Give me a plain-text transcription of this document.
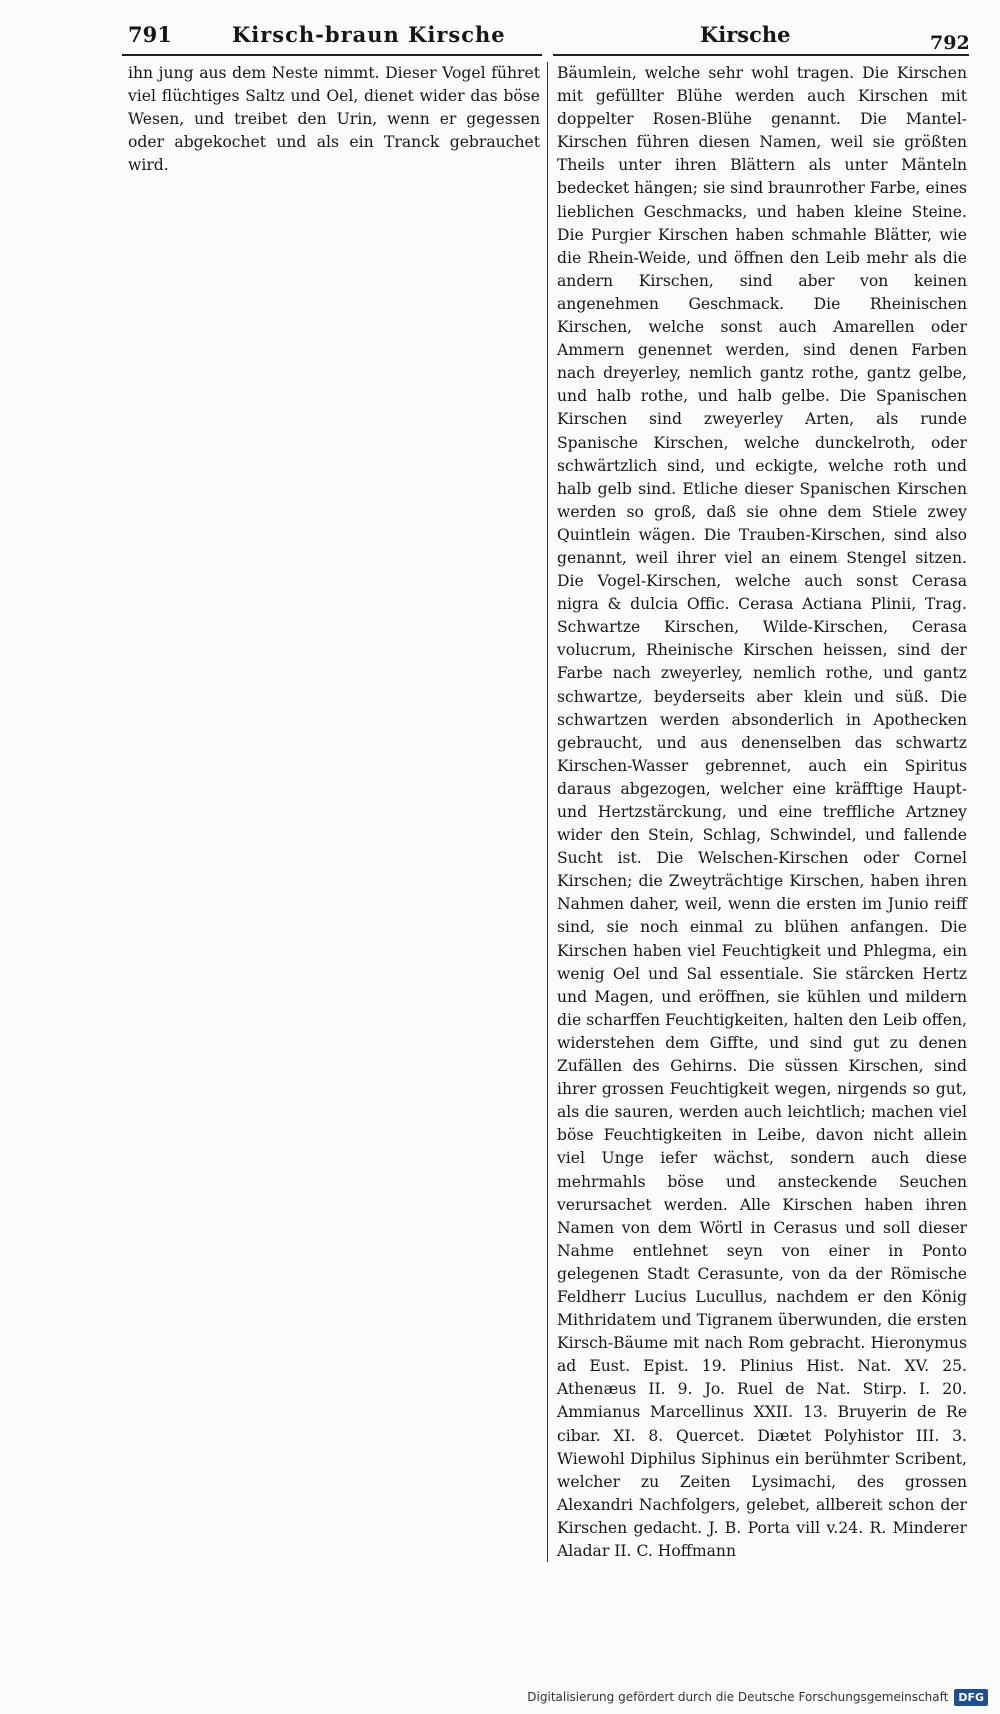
791	Kirsch-braun Kirsche	Kirsche	792

ihn jung aus dem Neste nimmt. Dieser Vogel führet viel flüchtiges Saltz und Oel, dienet wider das böse Wesen, und treibet den Urin, wenn er gegessen oder abgekochet und als ein Tranck gebrauchet wird.

Bäumlein, welche sehr wohl tragen. Die Kirschen mit gefüllter Blühe werden auch Kirschen mit doppelter Rosen-Blühe genannt. Die Mantel-Kirschen führen diesen Namen, weil sie größten Theils unter ihren Blättern als unter Mänteln bedecket hängen; sie sind braunrother Farbe, eines lieblichen Geschmacks, und haben kleine Steine. Die Purgier Kirschen haben schmahle Blätter, wie die Rhein-Weide, und öffnen den Leib mehr als die andern Kirschen, sind aber von keinen angenehmen Geschmack. Die Rheinischen Kirschen, welche sonst auch Amarellen oder Ammern genennet werden, sind denen Farben nach dreyerley, nemlich gantz rothe, gantz gelbe, und halb rothe, und halb gelbe. Die Spanischen Kirschen sind zweyerley Arten, als runde Spanische Kirschen, welche dunckelroth, oder schwärtzlich sind, und eckigte, welche roth und halb gelb sind. Etliche dieser Spanischen Kirschen werden so groß, daß sie ohne dem Stiele zwey Quintlein wägen. Die Trauben-Kirschen, sind also genannt, weil ihrer viel an einem Stengel sitzen. Die Vogel-Kirschen, welche auch sonst Cerasa nigra & dulcia Offic. Cerasa Actiana Plinii, Trag. Schwartze Kirschen, Wilde-Kirschen, Cerasa volucrum, Rheinische Kirschen heissen, sind der Farbe nach zweyerley, nemlich rothe, und gantz schwartze, beyderseits aber klein und süß. Die schwartzen werden absonderlich in Apothecken gebraucht, und aus denenselben das schwartz Kirschen-Wasser gebrennet, auch ein Spiritus daraus abgezogen, welcher eine kräfftige Haupt- und Hertzstärckung, und eine treffliche Artzney wider den Stein, Schlag, Schwindel, und fallende Sucht ist. Die Welschen-Kirschen oder Cornel Kirschen; die Zweyträchtige Kirschen, haben ihren Nahmen daher, weil, wenn die ersten im Junio reiff sind, sie noch einmal zu blühen anfangen. Die Kirschen haben viel Feuchtigkeit und Phlegma, ein wenig Oel und Sal essentiale. Sie stärcken Hertz und Magen, und eröffnen, sie kühlen und mildern die scharffen Feuchtigkeiten, halten den Leib offen, widerstehen dem Giffte, und sind gut zu denen Zufällen des Gehirns. Die süssen Kirschen, sind ihrer grossen Feuchtigkeit wegen, nirgends so gut, als die sauren, werden auch leichtlich; machen viel böse Feuchtigkeiten in Leibe, davon nicht allein viel Unge iefer wächst, sondern auch diese mehrmahls böse und ansteckende Seuchen verursachet werden. Alle Kirschen haben ihren Namen von dem Wörtl in Cerasus und soll dieser Nahme entlehnet seyn von einer in Ponto gelegenen Stadt Cerasunte, von da der Römische Feldherr Lucius Lucullus, nachdem er den König Mithridatem und Tigranem überwunden, die ersten Kirsch-Bäume mit nach Rom gebracht. Hieronymus ad Eust. Epist. 19. Plinius Hist. Nat. XV. 25. Athenæus II. 9. Jo. Ruel de Nat. Stirp. I. 20. Ammianus Marcellinus XXII. 13. Bruyerin de Re cibar. XI. 8. Quercet. Diætet Polyhistor III. 3. Wiewohl Diphilus Siphinus ein berühmter Scribent, welcher zu Zeiten Lysimachi, des grossen Alexandri Nachfolgers, gelebet, allbereit schon der Kirschen gedacht. J. B. Porta vill v.24. R. Minderer Aladar II. C. Hoffmann

Digitalisierung gefördert durch die Deutsche Forschungsgemeinschaft DFG
